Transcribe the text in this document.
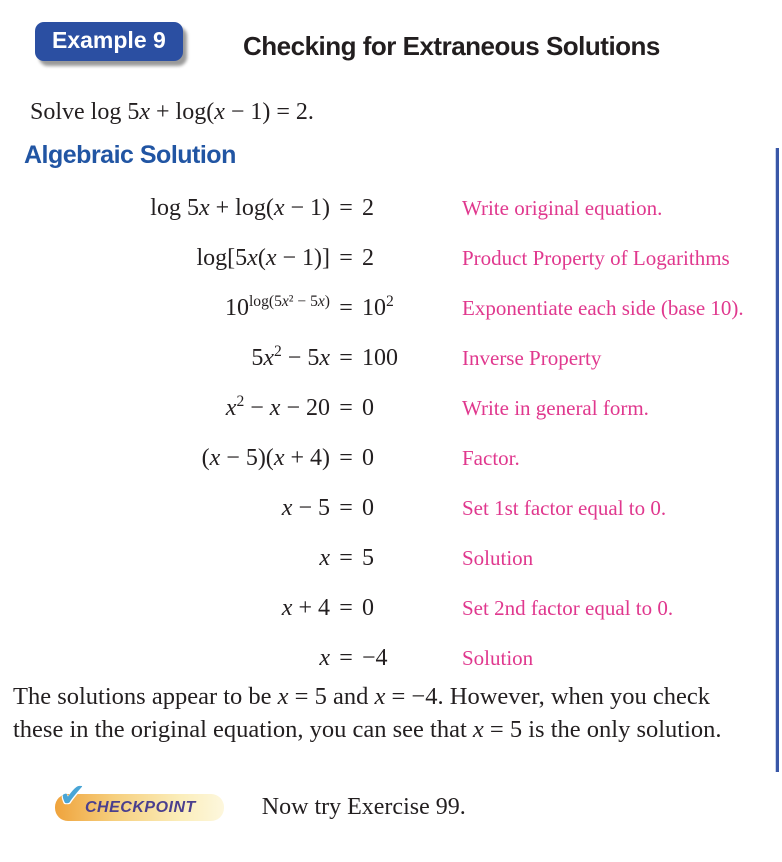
Example 9	Checking for Extraneous Solutions
Solve log 5x + log(x − 1) = 2.
Algebraic Solution
log 5x + log(x − 1) = 2	Write original equation.
log[5x(x − 1)] = 2	Product Property of Logarithms
$10^{log(5x^2 - 5x)} = 10^2$	Exponentiate each side (base 10).
$5x^2 - 5x = 100$	Inverse Property
$x^2 - x - 20 = 0$	Write in general form.
(x − 5)(x + 4) = 0	Factor.
x − 5 = 0	Set 1st factor equal to 0.
x = 5	Solution
x + 4 = 0	Set 2nd factor equal to 0.
x = −4	Solution
The solutions appear to be x = 5 and x = −4. However, when you check these in the original equation, you can see that x = 5 is the only solution.
✔
CHECKPOINT	Now try Exercise 99.
